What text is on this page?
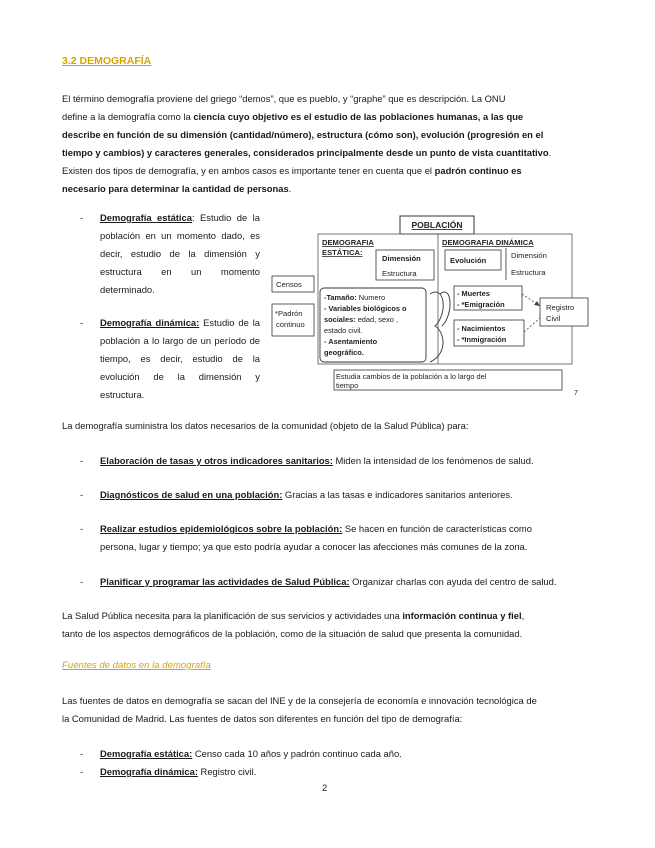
3.2 DEMOGRAFÍA

El término demografía proviene del griego “demos”, que es pueblo, y “graphe” que es descripción. La ONU

define a la demografía como la ciencia cuyo objetivo es el estudio de las poblaciones humanas, a las que

describe en función de su dimensión (cantidad/número), estructura (cómo son), evolución (progresión en el

tiempo y cambios) y caracteres generales, considerados principalmente desde un punto de vista cuantitativo.

Existen dos tipos de demografía, y en ambos casos es importante tener en cuenta que el padrón continuo es

necesario para determinar la cantidad de personas.

- Demografía estática: Estudio de la población en un momento dado, es decir, estudio de la dimensión y estructura en un momento determinado.

- Demografía dinámica: Estudio de la población a lo largo de un período de tiempo, es decir, estudio de la evolución de la dimensión y estructura.

POBLACIÓN
DEMOGRAFIA
ESTÁTICA:
Dimensión
Estructura
DEMOGRAFIA DINÁMICA
Evolución
Dimensión
Estructura
Censos
*Padrón
continuo
-Tamaño: Numero
- Variables biológicos o
sociales: edad, sexo ,
estado civil.
- Asentamiento
geográfico.
- Muertes
- *Emigración
- Nacimientos
- *Inmigración
Registro
Civil
Estudia cambios de la población a lo largo del
tiempo
7

La demografía suministra los datos necesarios de la comunidad (objeto de la Salud Pública) para:

- Elaboración de tasas y otros indicadores sanitarios: Miden la intensidad de los fenómenos de salud.
- Diagnósticos de salud en una población: Gracias a las tasas e indicadores sanitarios anteriores.
- Realizar estudios epidemiológicos sobre la población: Se hacen en función de características como

persona, lugar y tiempo; ya que esto podría ayudar a conocer las afecciones más comunes de la zona.

- Planificar y programar las actividades de Salud Pública: Organizar charlas con ayuda del centro de salud.

La Salud Pública necesita para la planificación de sus servicios y actividades una información continua y fiel,

tanto de los aspectos demográficos de la población, como de la situación de salud que presenta la comunidad.

Fuentes de datos en la demografía

Las fuentes de datos en demografía se sacan del INE y de la consejería de economía e innovación tecnológica de

la Comunidad de Madrid. Las fuentes de datos son diferentes en función del tipo de demografía:

- Demografía estática: Censo cada 10 años y padrón continuo cada año.
- Demografía dinámica: Registro civil.
2
